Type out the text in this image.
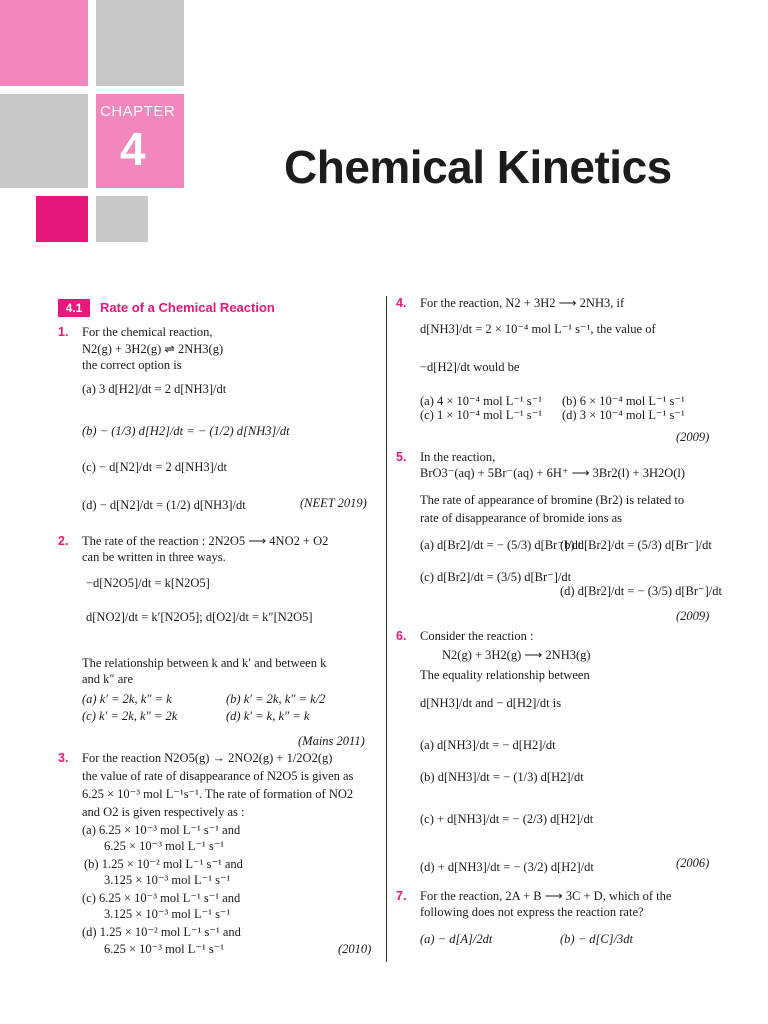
CHAPTER
4	Chemical Kinetics
4.1	Rate of a Chemical Reaction
1. For the chemical reaction,
N2(g) + 3H2(g) ⇌ 2NH3(g)
the correct option is
(a) 3 d[H2]/dt = 2 d[NH3]/dt
(b) − (1/3) d[H2]/dt = − (1/2) d[NH3]/dt
(c) − d[N2]/dt = 2 d[NH3]/dt
(d) − d[N2]/dt = (1/2) d[NH3]/dt	(NEET 2019)
2. The rate of the reaction : 2N2O5 ⟶ 4NO2 + O2
can be written in three ways.
−d[N2O5]/dt = k[N2O5]
d[NO2]/dt = k′[N2O5]; d[O2]/dt = k″[N2O5]
The relationship between k and k′ and between k
and k″ are
(a) k′ = 2k, k″ = k	(b) k′ = 2k, k″ = k/2
(c) k′ = 2k, k″ = 2k	(d) k′ = k, k″ = k
(Mains 2011)
3. For the reaction N2O5(g) → 2NO2(g) + 1/2O2(g)
the value of rate of disappearance of N2O5 is given as
6.25 × 10⁻³ mol L⁻¹s⁻¹. The rate of formation of NO2
and O2 is given respectively as :
(a) 6.25 × 10⁻³ mol L⁻¹ s⁻¹ and
6.25 × 10⁻³ mol L⁻¹ s⁻¹
(b) 1.25 × 10⁻² mol L⁻¹ s⁻¹ and
3.125 × 10⁻³ mol L⁻¹ s⁻¹
(c) 6.25 × 10⁻³ mol L⁻¹ s⁻¹ and
3.125 × 10⁻³ mol L⁻¹ s⁻¹
(d) 1.25 × 10⁻² mol L⁻¹ s⁻¹ and
6.25 × 10⁻³ mol L⁻¹ s⁻¹	(2010)
4. For the reaction, N2 + 3H2 ⟶ 2NH3, if
d[NH3]/dt = 2 × 10⁻⁴ mol L⁻¹ s⁻¹, the value of
−d[H2]/dt would be
(a) 4 × 10⁻⁴ mol L⁻¹ s⁻¹ (b) 6 × 10⁻⁴ mol L⁻¹ s⁻¹
(c) 1 × 10⁻⁴ mol L⁻¹ s⁻¹ (d) 3 × 10⁻⁴ mol L⁻¹ s⁻¹
(2009)
5. In the reaction,
BrO3⁻(aq) + 5Br⁻(aq) + 6H⁺ ⟶ 3Br2(l) + 3H2O(l)
The rate of appearance of bromine (Br2) is related to
rate of disappearance of bromide ions as
(a) d[Br2]/dt = − (5/3) d[Br⁻]/dt
(b) d[Br2]/dt = (5/3) d[Br⁻]/dt
(c) d[Br2]/dt = (3/5) d[Br⁻]/dt
(d) d[Br2]/dt = − (3/5) d[Br⁻]/dt
(2009)
6. Consider the reaction :
N2(g) + 3H2(g) ⟶ 2NH3(g)
The equality relationship between
d[NH3]/dt and − d[H2]/dt is
(a) d[NH3]/dt = − d[H2]/dt
(b) d[NH3]/dt = − (1/3) d[H2]/dt
(c) + d[NH3]/dt = − (2/3) d[H2]/dt
(d) + d[NH3]/dt = − (3/2) d[H2]/dt	(2006)
7. For the reaction, 2A + B ⟶ 3C + D, which of the
following does not express the reaction rate?
(a) − d[A]/2dt	(b) − d[C]/3dt
